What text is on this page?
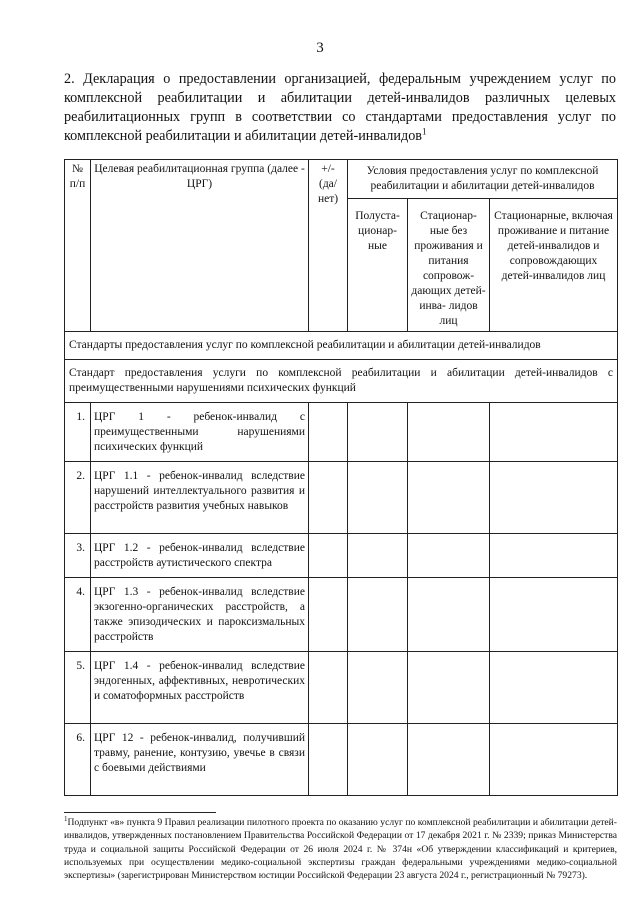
3
2. Декларация о предоставлении организацией, федеральным учреждением услуг по комплексной реабилитации и абилитации детей-инвалидов различных целевых реабилитационных групп в соответствии со стандартами предоставления услуг по комплексной реабилитации и абилитации детей-инвалидов$^1$
№ п/п	Целевая реабилитационная группа (далее - ЦРГ)	+/- (да/ нет)	Условия предоставления услуг по комплексной реабилитации и абилитации детей-инвалидов		
			Полуста- ционар- ные	Стационар- ные без проживания и питания сопровож- дающих детей-инва- лидов лиц	Стационарные, включая проживание и питание детей-инвалидов и сопровождающих детей-инвалидов лиц
Стандарты предоставления услуг по комплексной реабилитации и абилитации детей-инвалидов					
Стандарт предоставления услуги по комплексной реабилитации и абилитации детей-инвалидов с преимущественными нарушениями психических функций					
1.	ЦРГ 1 - ребенок-инвалид с преимущественными нарушениями психических функций				
2.	ЦРГ 1.1 - ребенок-инвалид вследствие нарушений интеллектуального развития и расстройств развития учебных навыков				
3.	ЦРГ 1.2 - ребенок-инвалид вследствие расстройств аутистического спектра				
4.	ЦРГ 1.3 - ребенок-инвалид вследствие экзогенно-органических расстройств, а также эпизодических и пароксизмальных расстройств				
5.	ЦРГ 1.4 - ребенок-инвалид вследствие эндогенных, аффективных, невротических и соматоформных расстройств				
6.	ЦРГ 12 - ребенок-инвалид, получивший травму, ранение, контузию, увечье в связи с боевыми действиями				
$^1$Подпункт «в» пункта 9 Правил реализации пилотного проекта по оказанию услуг по комплексной реабилитации и абилитации детей-инвалидов, утвержденных постановлением Правительства Российской Федерации от 17 декабря 2021 г. № 2339; приказ Министерства труда и социальной защиты Российской Федерации от 26 июля 2024 г. № 374н «Об утверждении классификаций и критериев, используемых при осуществлении медико-социальной экспертизы граждан федеральными учреждениями медико-социальной экспертизы» (зарегистрирован Министерством юстиции Российской Федерации 23 августа 2024 г., регистрационный № 79273).
